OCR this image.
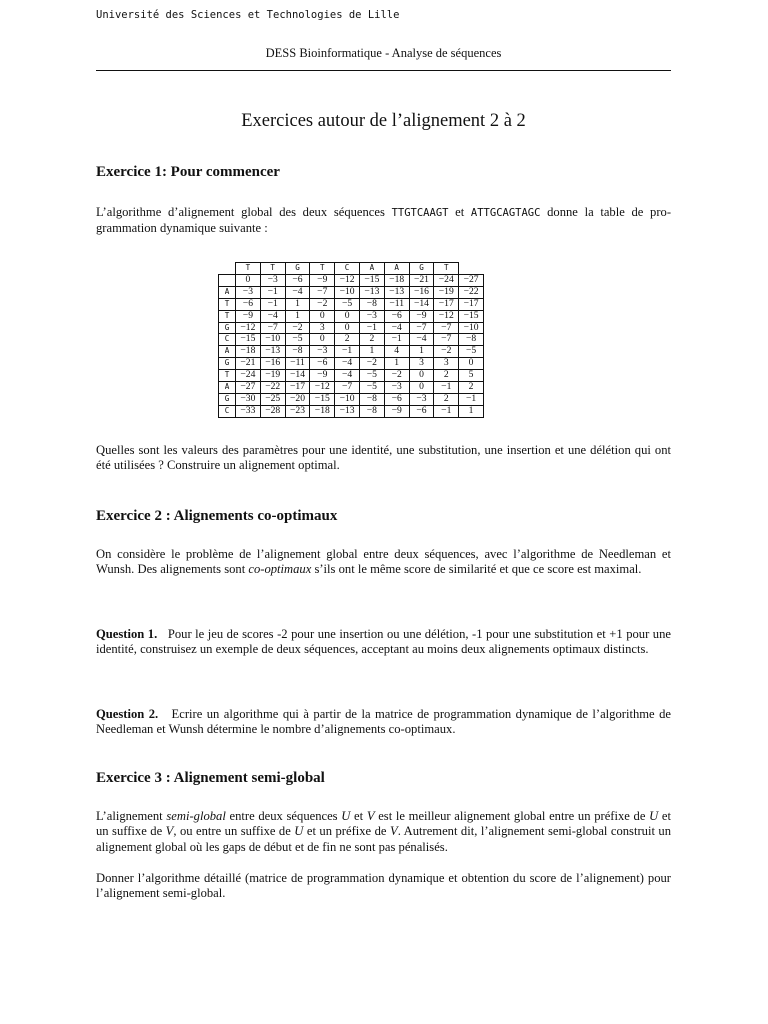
Université des Sciences et Technologies de Lille
DESS Bioinformatique - Analyse de séquences
Exercices autour de l’alignement 2 à 2
Exercice 1: Pour commencer
L’algorithme d’alignement global des deux séquences TTGTCAAGT et ATTGCAGTAGC donne la table de pro-grammation dynamique suivante :
	T	T	G	T	C	A	A	G	T	
	0	−3	−6	−9	−12	−15	−18	−21	−24	−27
A	−3	−1	−4	−7	−10	−13	−13	−16	−19	−22
T	−6	−1	1	−2	−5	−8	−11	−14	−17	−17
T	−9	−4	1	0	0	−3	−6	−9	−12	−15
G	−12	−7	−2	3	0	−1	−4	−7	−7	−10
C	−15	−10	−5	0	2	2	−1	−4	−7	−8
A	−18	−13	−8	−3	−1	1	4	1	−2	−5
G	−21	−16	−11	−6	−4	−2	1	3	3	0
T	−24	−19	−14	−9	−4	−5	−2	0	2	5
A	−27	−22	−17	−12	−7	−5	−3	0	−1	2
G	−30	−25	−20	−15	−10	−8	−6	−3	2	−1
C	−33	−28	−23	−18	−13	−8	−9	−6	−1	1
Quelles sont les valeurs des paramètres pour une identité, une substitution, une insertion et une délétion qui ont été utilisées ? Construire un alignement optimal.
Exercice 2 : Alignements co-optimaux
On considère le problème de l’alignement global entre deux séquences, avec l’algorithme de Needleman et Wunsh. Des alignements sont co-optimaux s’ils ont le même score de similarité et que ce score est maximal.
Question 1. Pour le jeu de scores -2 pour une insertion ou une délétion, -1 pour une substitution et +1 pour une identité, construisez un exemple de deux séquences, acceptant au moins deux alignements optimaux distincts.
Question 2. Ecrire un algorithme qui à partir de la matrice de programmation dynamique de l’algorithme de Needleman et Wunsh détermine le nombre d’alignements co-optimaux.
Exercice 3 : Alignement semi-global
L’alignement semi-global entre deux séquences U et V est le meilleur alignement global entre un préfixe de U et un suffixe de V, ou entre un suffixe de U et un préfixe de V. Autrement dit, l’alignement semi-global construit un alignement global où les gaps de début et de fin ne sont pas pénalisés.
Donner l’algorithme détaillé (matrice de programmation dynamique et obtention du score de l’alignement) pour l’alignement semi-global.
